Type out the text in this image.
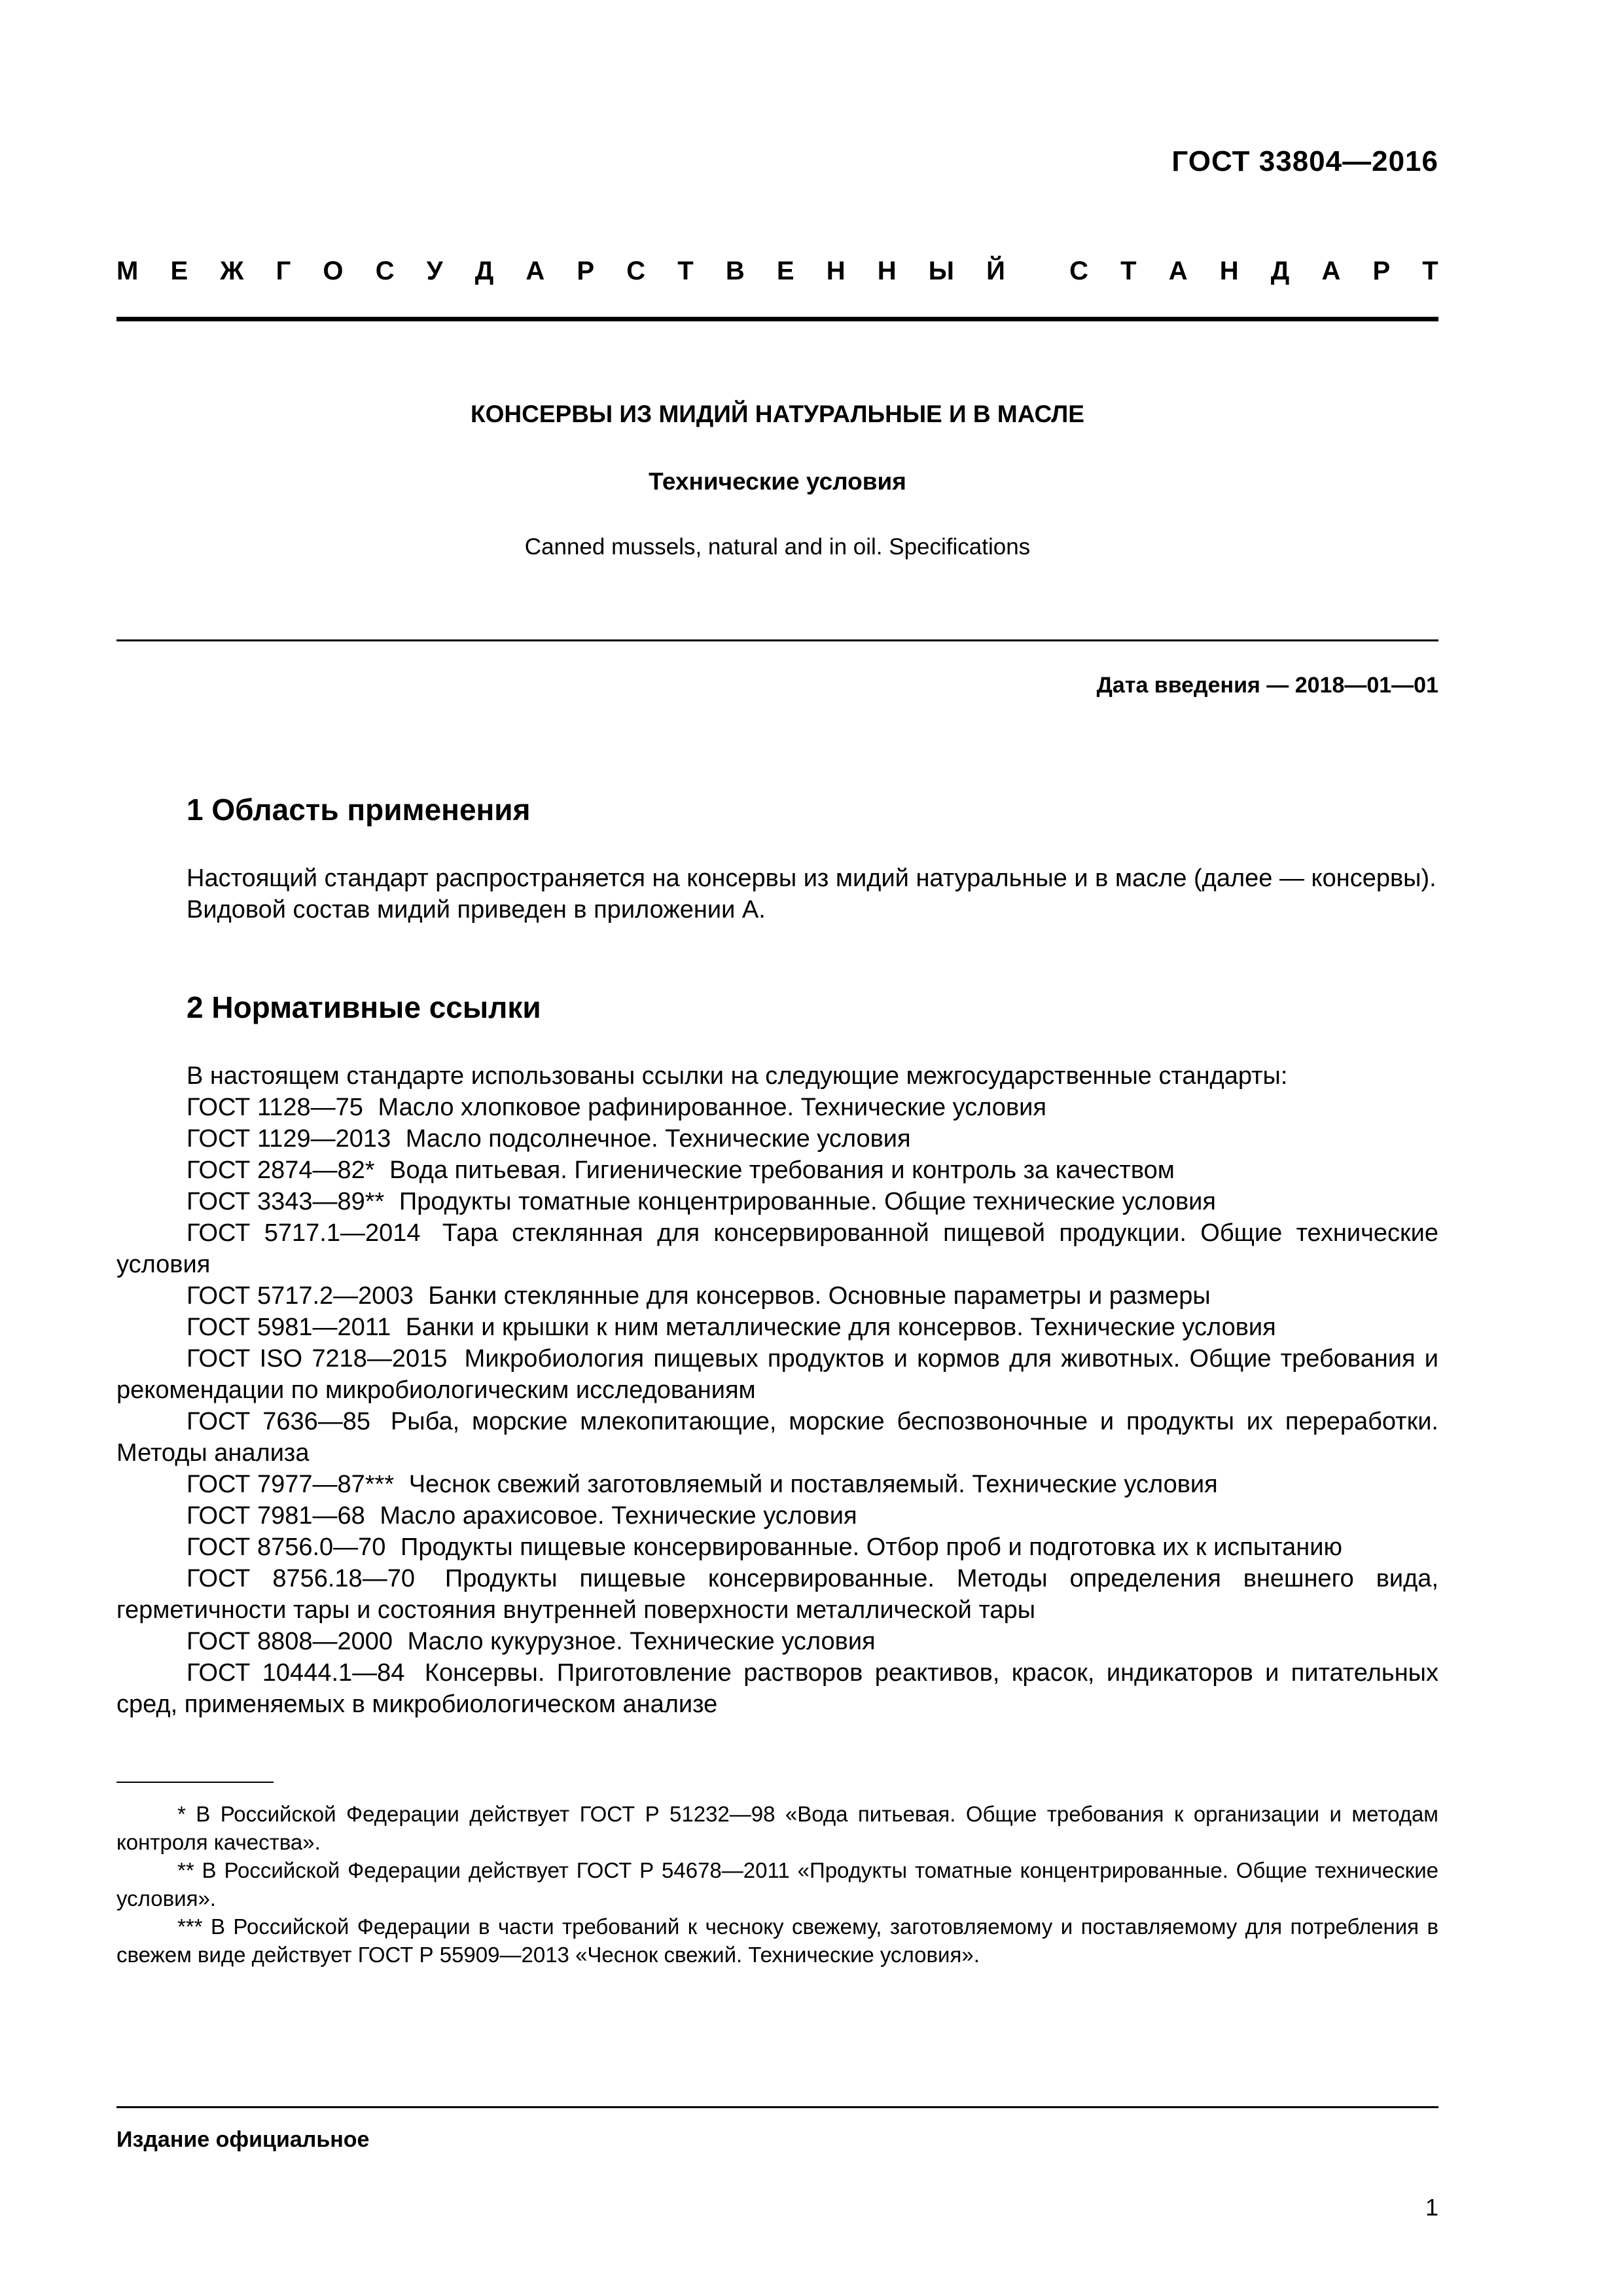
ГОСТ 33804—2016
М Е Ж Г О С У Д А Р С Т В Е Н Н Ы Й С Т А Н Д А Р Т
КОНСЕРВЫ ИЗ МИДИЙ НАТУРАЛЬНЫЕ И В МАСЛЕ
Технические условия
Canned mussels, natural and in oil. Specifications
Дата введения — 2018—01—01
1 Область применения

Настоящий стандарт распространяется на консервы из мидий натуральные и в масле (далее — консервы).

Видовой состав мидий приведен в приложении А.

2 Нормативные ссылки

В настоящем стандарте использованы ссылки на следующие межгосударственные стандарты:

ГОСТ 1128—75 Масло хлопковое рафинированное. Технические условия

ГОСТ 1129—2013 Масло подсолнечное. Технические условия

ГОСТ 2874—82* Вода питьевая. Гигиенические требования и контроль за качеством

ГОСТ 3343—89** Продукты томатные концентрированные. Общие технические условия

ГОСТ 5717.1—2014 Тара стеклянная для консервированной пищевой продукции. Общие технические условия

ГОСТ 5717.2—2003 Банки стеклянные для консервов. Основные параметры и размеры

ГОСТ 5981—2011 Банки и крышки к ним металлические для консервов. Технические условия

ГОСТ ISO 7218—2015 Микробиология пищевых продуктов и кормов для животных. Общие требования и рекомендации по микробиологическим исследованиям

ГОСТ 7636—85 Рыба, морские млекопитающие, морские беспозвоночные и продукты их переработки. Методы анализа

ГОСТ 7977—87*** Чеснок свежий заготовляемый и поставляемый. Технические условия

ГОСТ 7981—68 Масло арахисовое. Технические условия

ГОСТ 8756.0—70 Продукты пищевые консервированные. Отбор проб и подготовка их к испытанию

ГОСТ 8756.18—70 Продукты пищевые консервированные. Методы определения внешнего вида, герметичности тары и состояния внутренней поверхности металлической тары

ГОСТ 8808—2000 Масло кукурузное. Технические условия

ГОСТ 10444.1—84 Консервы. Приготовление растворов реактивов, красок, индикаторов и питательных сред, применяемых в микробиологическом анализе

* В Российской Федерации действует ГОСТ Р 51232—98 «Вода питьевая. Общие требования к организации и методам контроля качества».

** В Российской Федерации действует ГОСТ Р 54678—2011 «Продукты томатные концентрированные. Общие технические условия».

*** В Российской Федерации в части требований к чесноку свежему, заготовляемому и поставляемому для потребления в свежем виде действует ГОСТ Р 55909—2013 «Чеснок свежий. Технические условия».

Издание официальное
1
